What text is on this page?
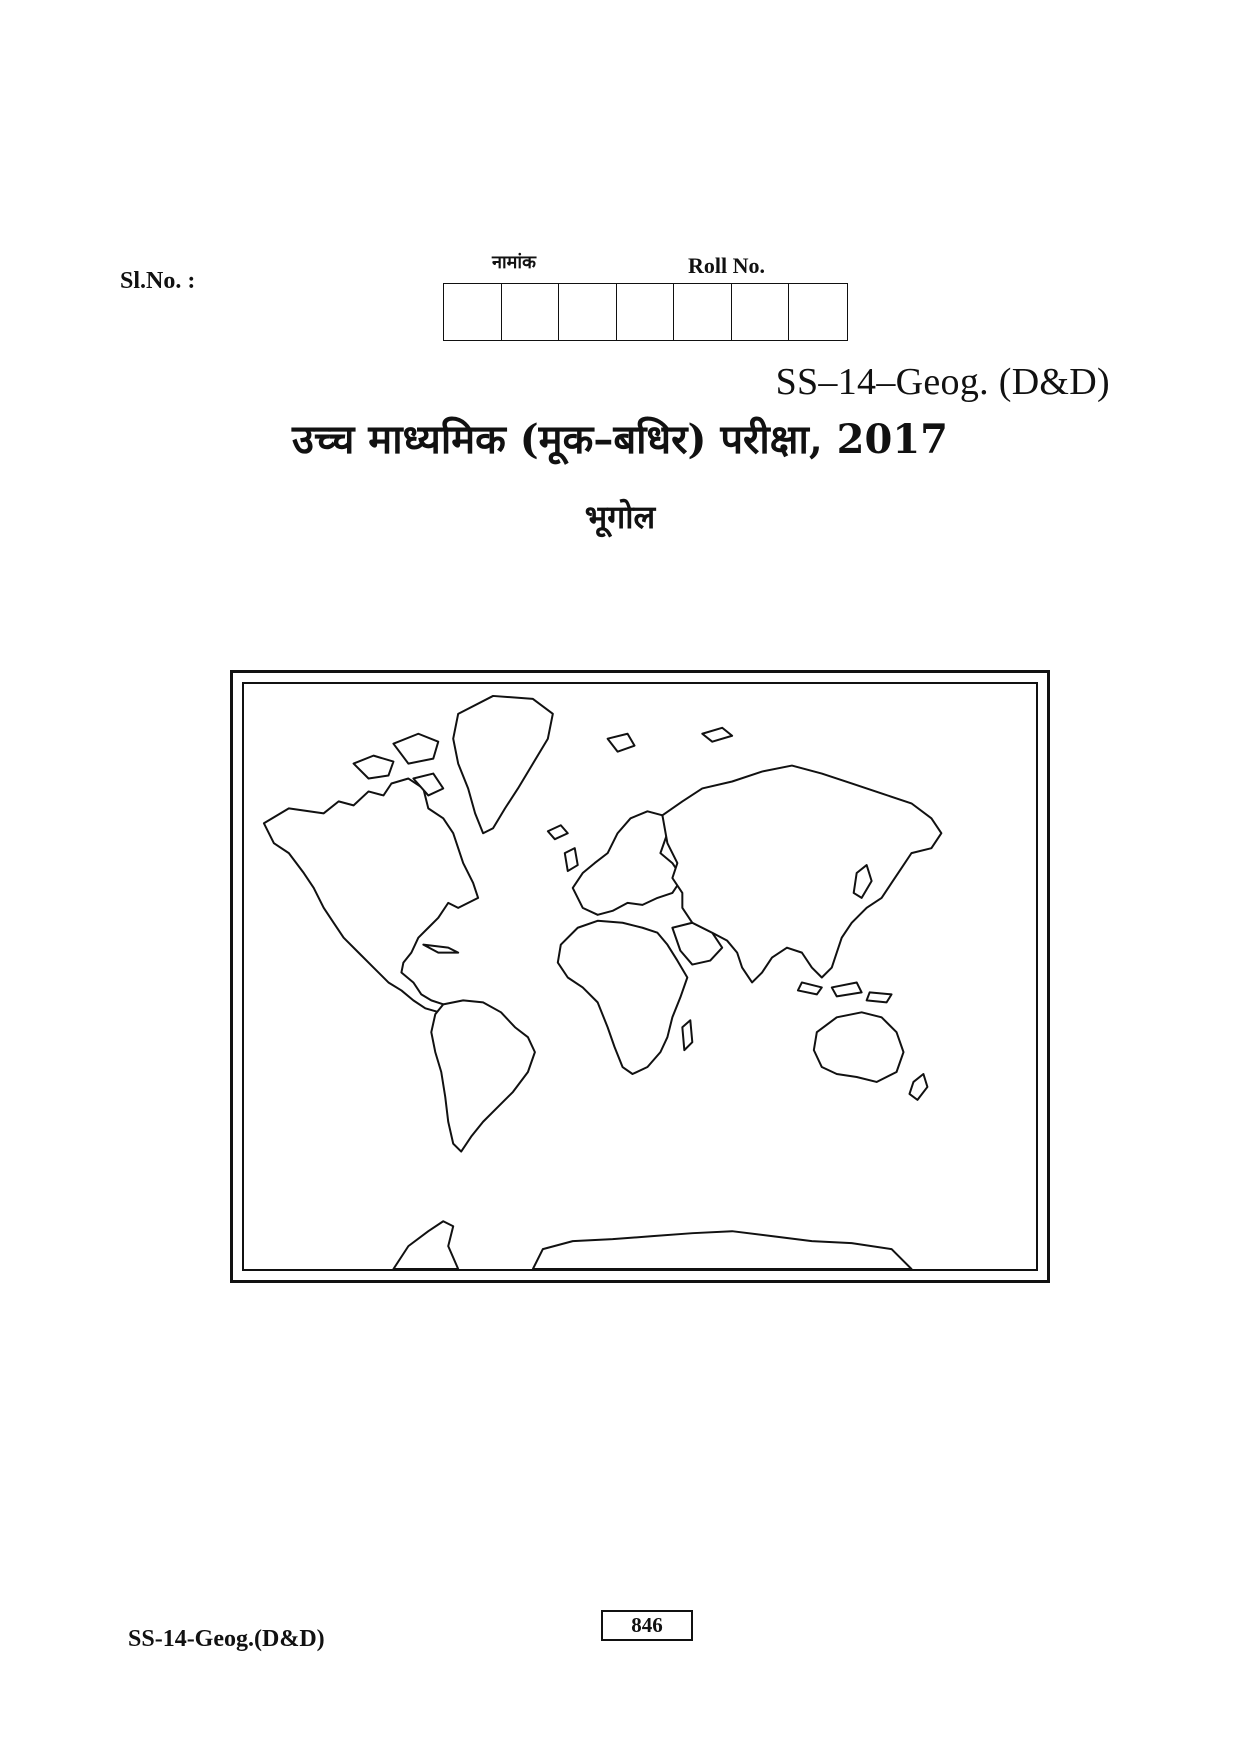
Sl.No. :
नामांक	Roll No.
SS–14–Geog. (D&D)
उच्च माध्यमिक (मूक–बधिर) परीक्षा, 2017
भूगोल
SS-14-Geog.(D&D)
846
